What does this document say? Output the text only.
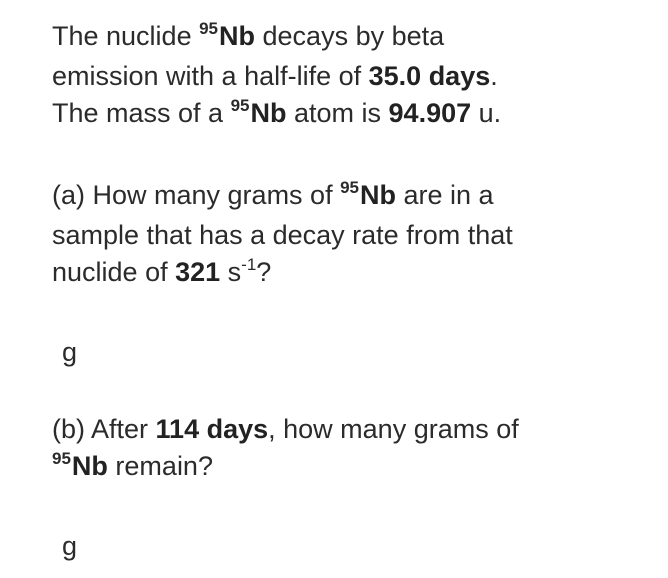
The nuclide $^{95}$Nb decays by beta
emission with a half-life of 35.0 days.
The mass of a $^{95}$Nb atom is 94.907 u.

(a) How many grams of $^{95}$Nb are in a
sample that has a decay rate from that
nuclide of 321 $s^{-1}$?

g

(b) After 114 days, how many grams of
$^{95}$Nb remain?

g
